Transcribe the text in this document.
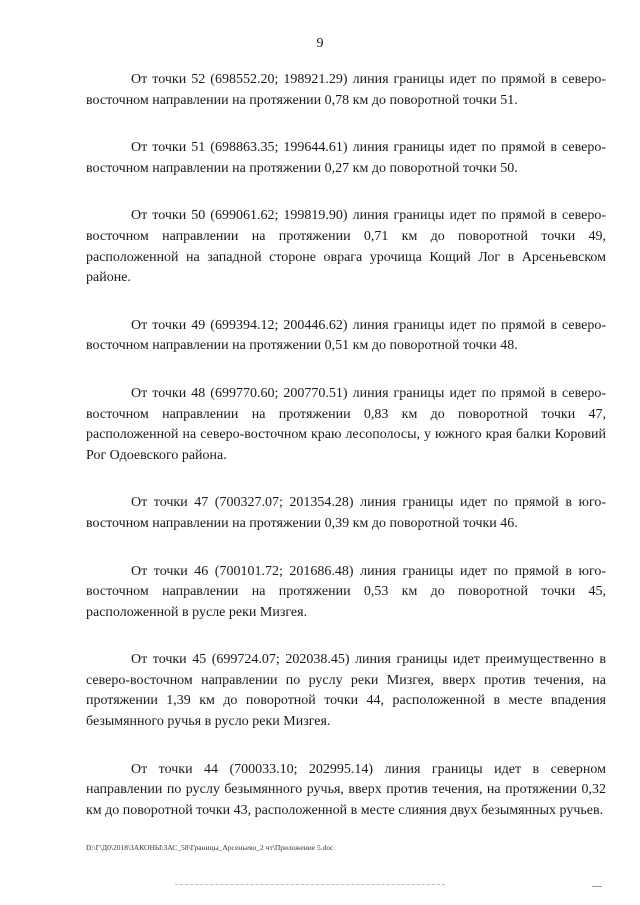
9

От точки 52 (698552.20; 198921.29) линия границы идет по прямой в северо-восточном направлении на протяжении 0,78 км до поворотной точки 51.

От точки 51 (698863.35; 199644.61) линия границы идет по прямой в северо-восточном направлении на протяжении 0,27 км до поворотной точки 50.

От точки 50 (699061.62; 199819.90) линия границы идет по прямой в северо-восточном направлении на протяжении 0,71 км до поворотной точки 49, расположенной на западной стороне оврага урочища Кощий Лог в Арсеньевском районе.

От точки 49 (699394.12; 200446.62) линия границы идет по прямой в северо-восточном направлении на протяжении 0,51 км до поворотной точки 48.

От точки 48 (699770.60; 200770.51) линия границы идет по прямой в северо-восточном направлении на протяжении 0,83 км до поворотной точки 47, расположенной на северо-восточном краю лесополосы, у южного края балки Коровий Рог Одоевского района.

От точки 47 (700327.07; 201354.28) линия границы идет по прямой в юго-восточном направлении на протяжении 0,39 км до поворотной точки 46.

От точки 46 (700101.72; 201686.48) линия границы идет по прямой в юго-восточном направлении на протяжении 0,53 км до поворотной точки 45, расположенной в русле реки Мизгея.

От точки 45 (699724.07; 202038.45) линия границы идет преимущественно в северо-восточном направлении по руслу реки Мизгея, вверх против течения, на протяжении 1,39 км до поворотной точки 44, расположенной в месте впадения безымянного ручья в русло реки Мизгея.

От точки 44 (700033.10; 202995.14) линия границы идет в северном направлении по руслу безымянного ручья, вверх против течения, на протяжении 0,32 км до поворотной точки 43, расположенной в месте слияния двух безымянных ручьев.

D:\Г\Д0\2018\ЗАКОНЫ\ЗАС_58\Границы_Арсеньево_2 чт\Приложение 5.doc
